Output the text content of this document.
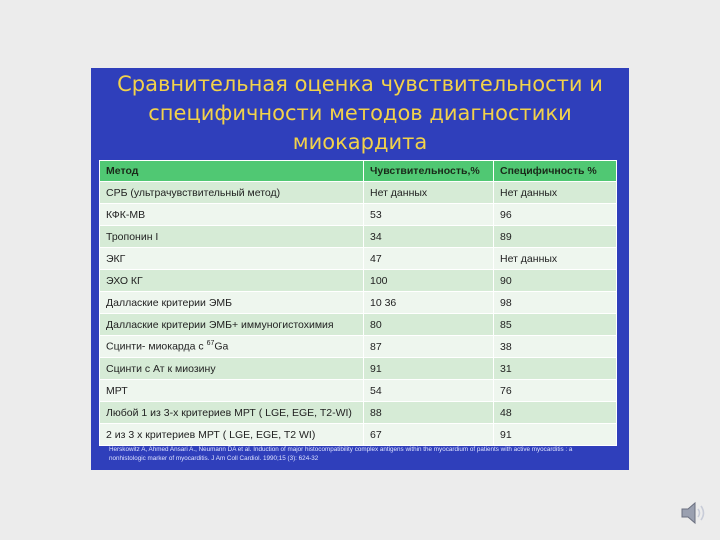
Сравнительная оценка чувствительности и
специфичности методов диагностики
миокардита
Метод	Чувствительность,%	Специфичность %
СРБ (ультрачувствительный метод)	Нет данных	Нет данных
КФК-МВ	53	96
Тропонин I	34	89
ЭКГ	47	Нет данных
ЭХО КГ	100	90
Даллаские критерии ЭМБ	10 36	98
Даллаские критерии ЭМБ+ иммуногистохимия	80	85
Сцинти- миокарда с $^{67}$Ga	87	38
Сцинти с Ат к миозину	91	31
МРТ	54	76
Любой 1 из 3-х критериев МРТ ( LGE, EGE, T2-WI)	88	48
2 из 3 х критериев МРТ ( LGE, EGE, T2 WI)	67	91
Herskowitz A, Ahmed Ansari A., Neumann DA et al. Induction of major histocompatibility complex antigens within the myocardium of patients with active myocarditis : a nonhistologic marker of myocarditis. J Am Coll Cardiol. 1990;15 (3): 624-32
